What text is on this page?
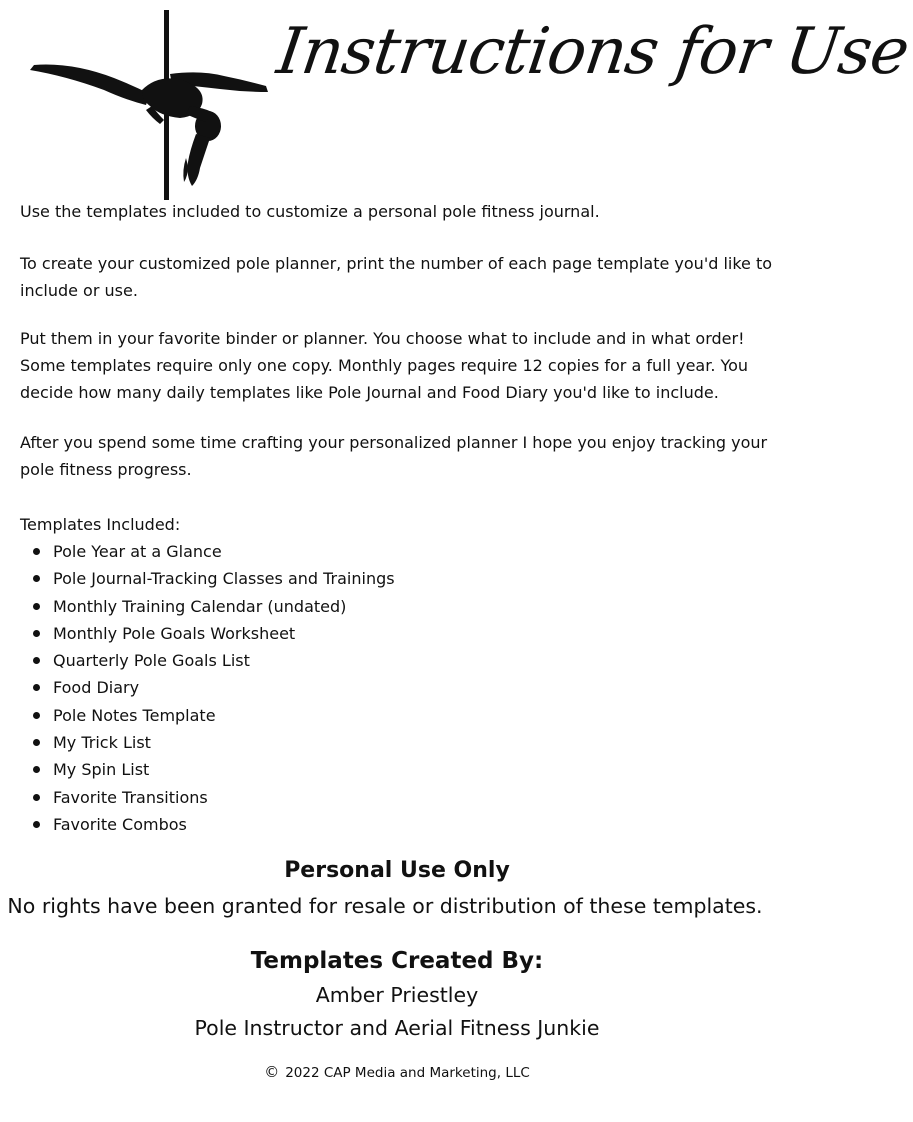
Instructions for Use

Use the templates included to customize a personal pole fitness journal.

To create your customized pole planner, print the number of each page template you'd like to include or use.

Put them in your favorite binder or planner. You choose what to include and in what order! Some templates require only one copy. Monthly pages require 12 copies for a full year. You decide how many daily templates like Pole Journal and Food Diary you'd like to include.

After you spend some time crafting your personalized planner I hope you enjoy tracking your pole fitness progress.

Templates Included:

Pole Year at a Glance
Pole Journal-Tracking Classes and Trainings
Monthly Training Calendar (undated)
Monthly Pole Goals Worksheet
Quarterly Pole Goals List
Food Diary
Pole Notes Template
My Trick List
My Spin List
Favorite Transitions
Favorite Combos

Personal Use Only

No rights have been granted for resale or distribution of these templates.

Templates Created By:

Amber Priestley

Pole Instructor and Aerial Fitness Junkie

© 2022 CAP Media and Marketing, LLC
